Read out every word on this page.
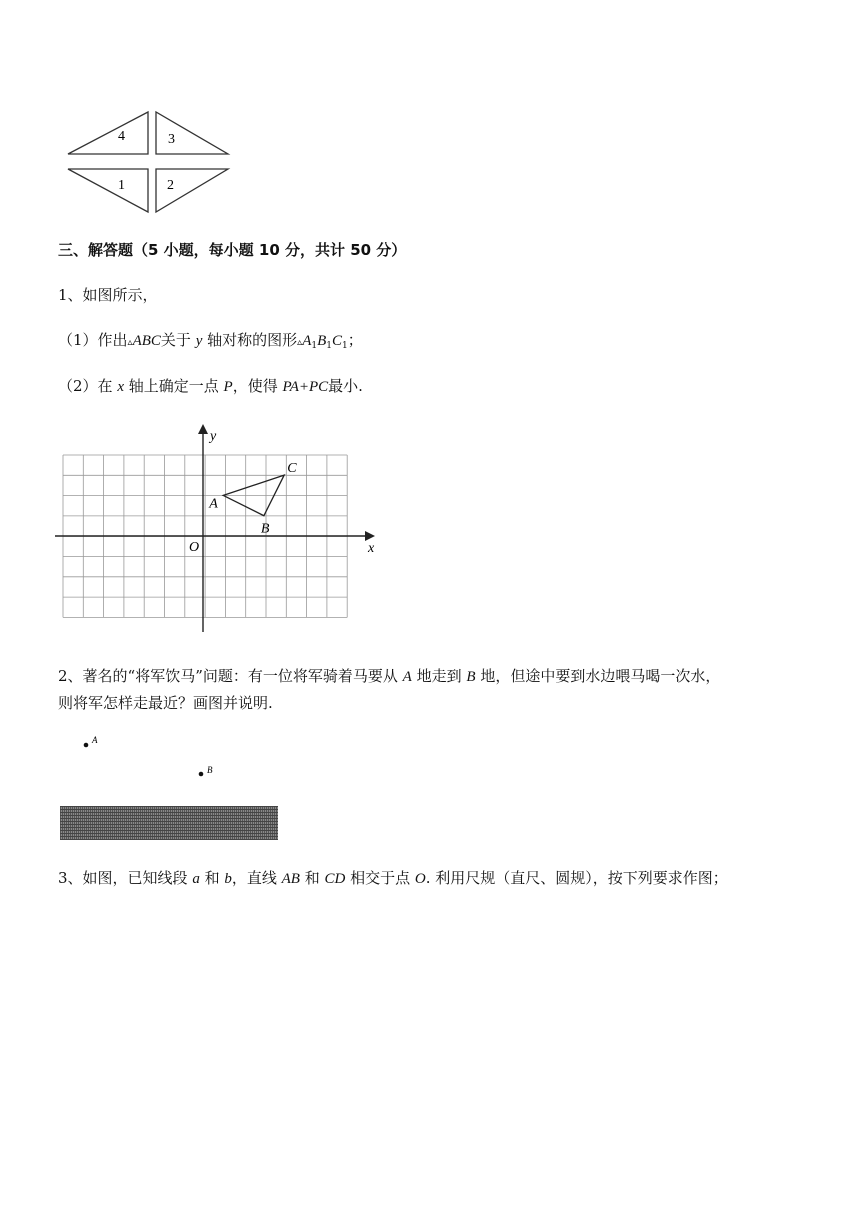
4	3
1	2
三、解答题（5 小题，每小题 10 分，共计 50 分）
1、如图所示，
（1）作出▵ABC关于 y 轴对称的图形$▵A_1B_1C_1$；
（2）在 x 轴上确定一点 P，使得 PA+PC最小.
y
x
O
A
B
C
2、著名的“将军饮马”问题：有一位将军骑着马要从 A 地走到 B 地，但途中要到水边喂马喝一次水，
则将军怎样走最近？画图并说明.
A
B
3、如图，已知线段 a 和 b，直线 AB 和 CD 相交于点 O. 利用尺规（直尺、圆规），按下列要求作图；
